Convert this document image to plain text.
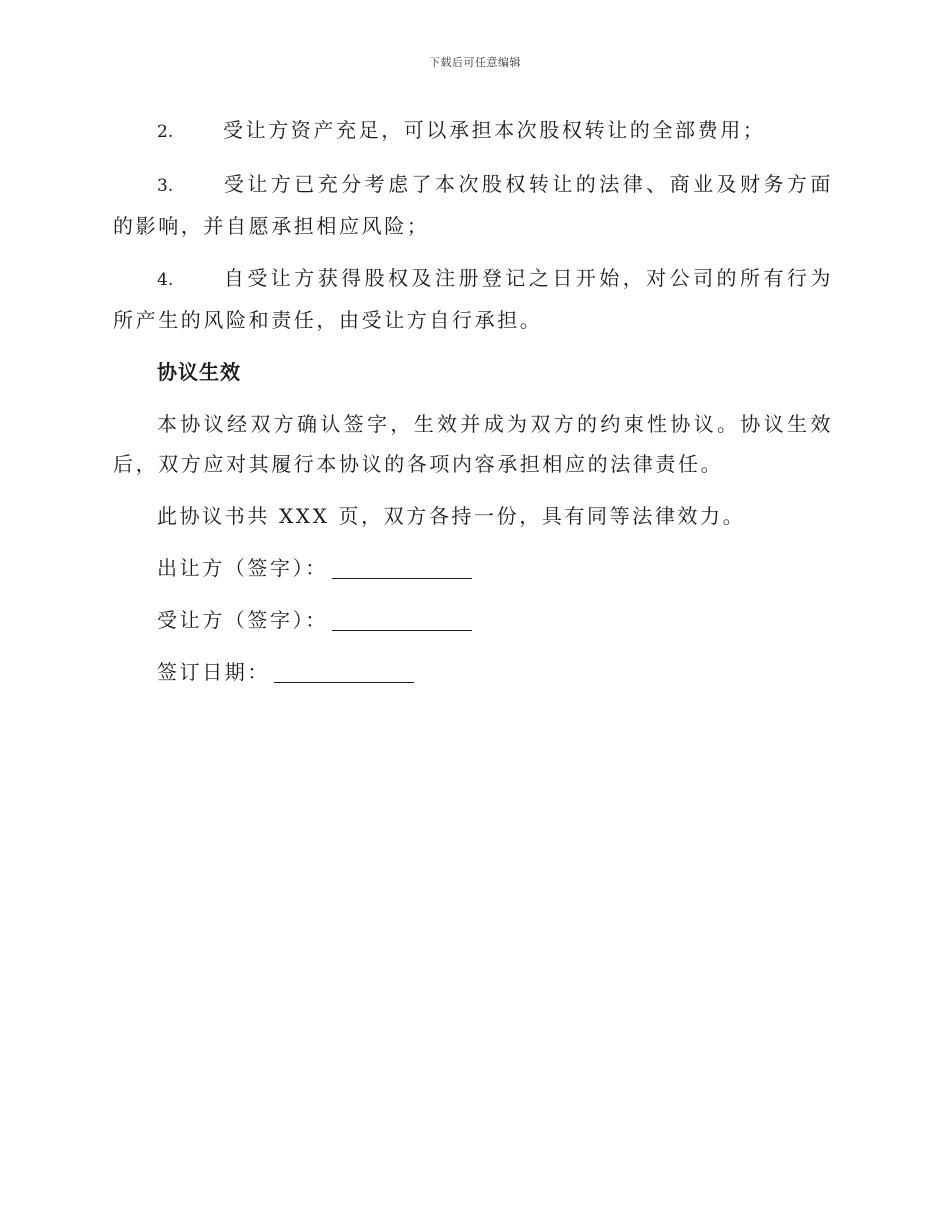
下载后可任意编辑

2. 受让方资产充足，可以承担本次股权转让的全部费用；

3. 受让方已充分考虑了本次股权转让的法律、商业及财务方面的影响，并自愿承担相应风险；

4. 自受让方获得股权及注册登记之日开始，对公司的所有行为所产生的风险和责任，由受让方自行承担。

协议生效

本协议经双方确认签字，生效并成为双方的约束性协议。协议生效后，双方应对其履行本协议的各项内容承担相应的法律责任。

此协议书共 XXX 页，双方各持一份，具有同等法律效力。

出让方（签字）：

受让方（签字）：

签订日期：
